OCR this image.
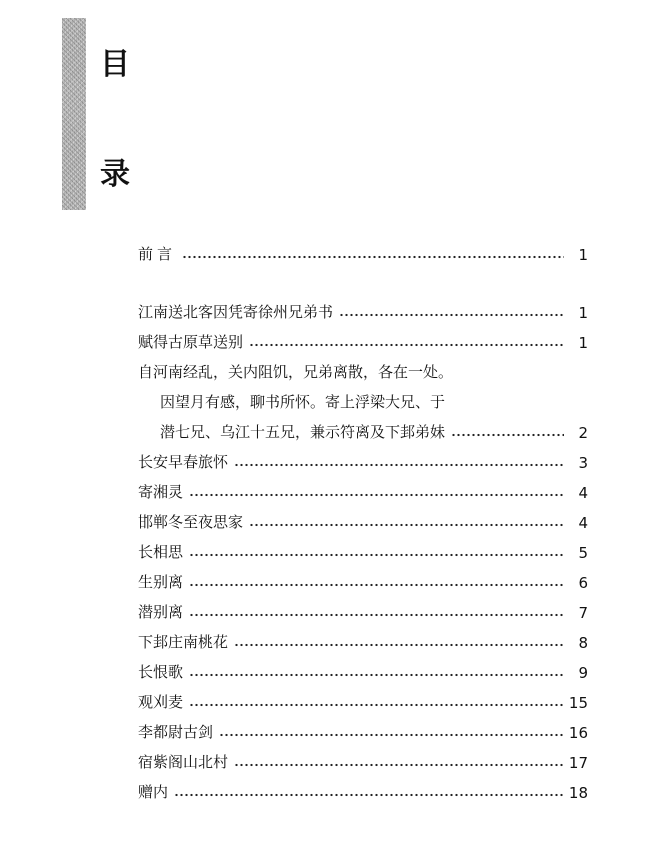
目
录
前言	1
江南送北客因凭寄徐州兄弟书	1
赋得古原草送别	1
自河南经乱，关内阻饥，兄弟离散，各在一处。
因望月有感，聊书所怀。寄上浮梁大兄、于
潜七兄、乌江十五兄，兼示符离及下邽弟妹	2
长安早春旅怀	3
寄湘灵	4
邯郸冬至夜思家	4
长相思	5
生别离	6
潜别离	7
下邽庄南桃花	8
长恨歌	9
观刈麦	15
李都尉古剑	16
宿紫阁山北村	17
赠内	18
